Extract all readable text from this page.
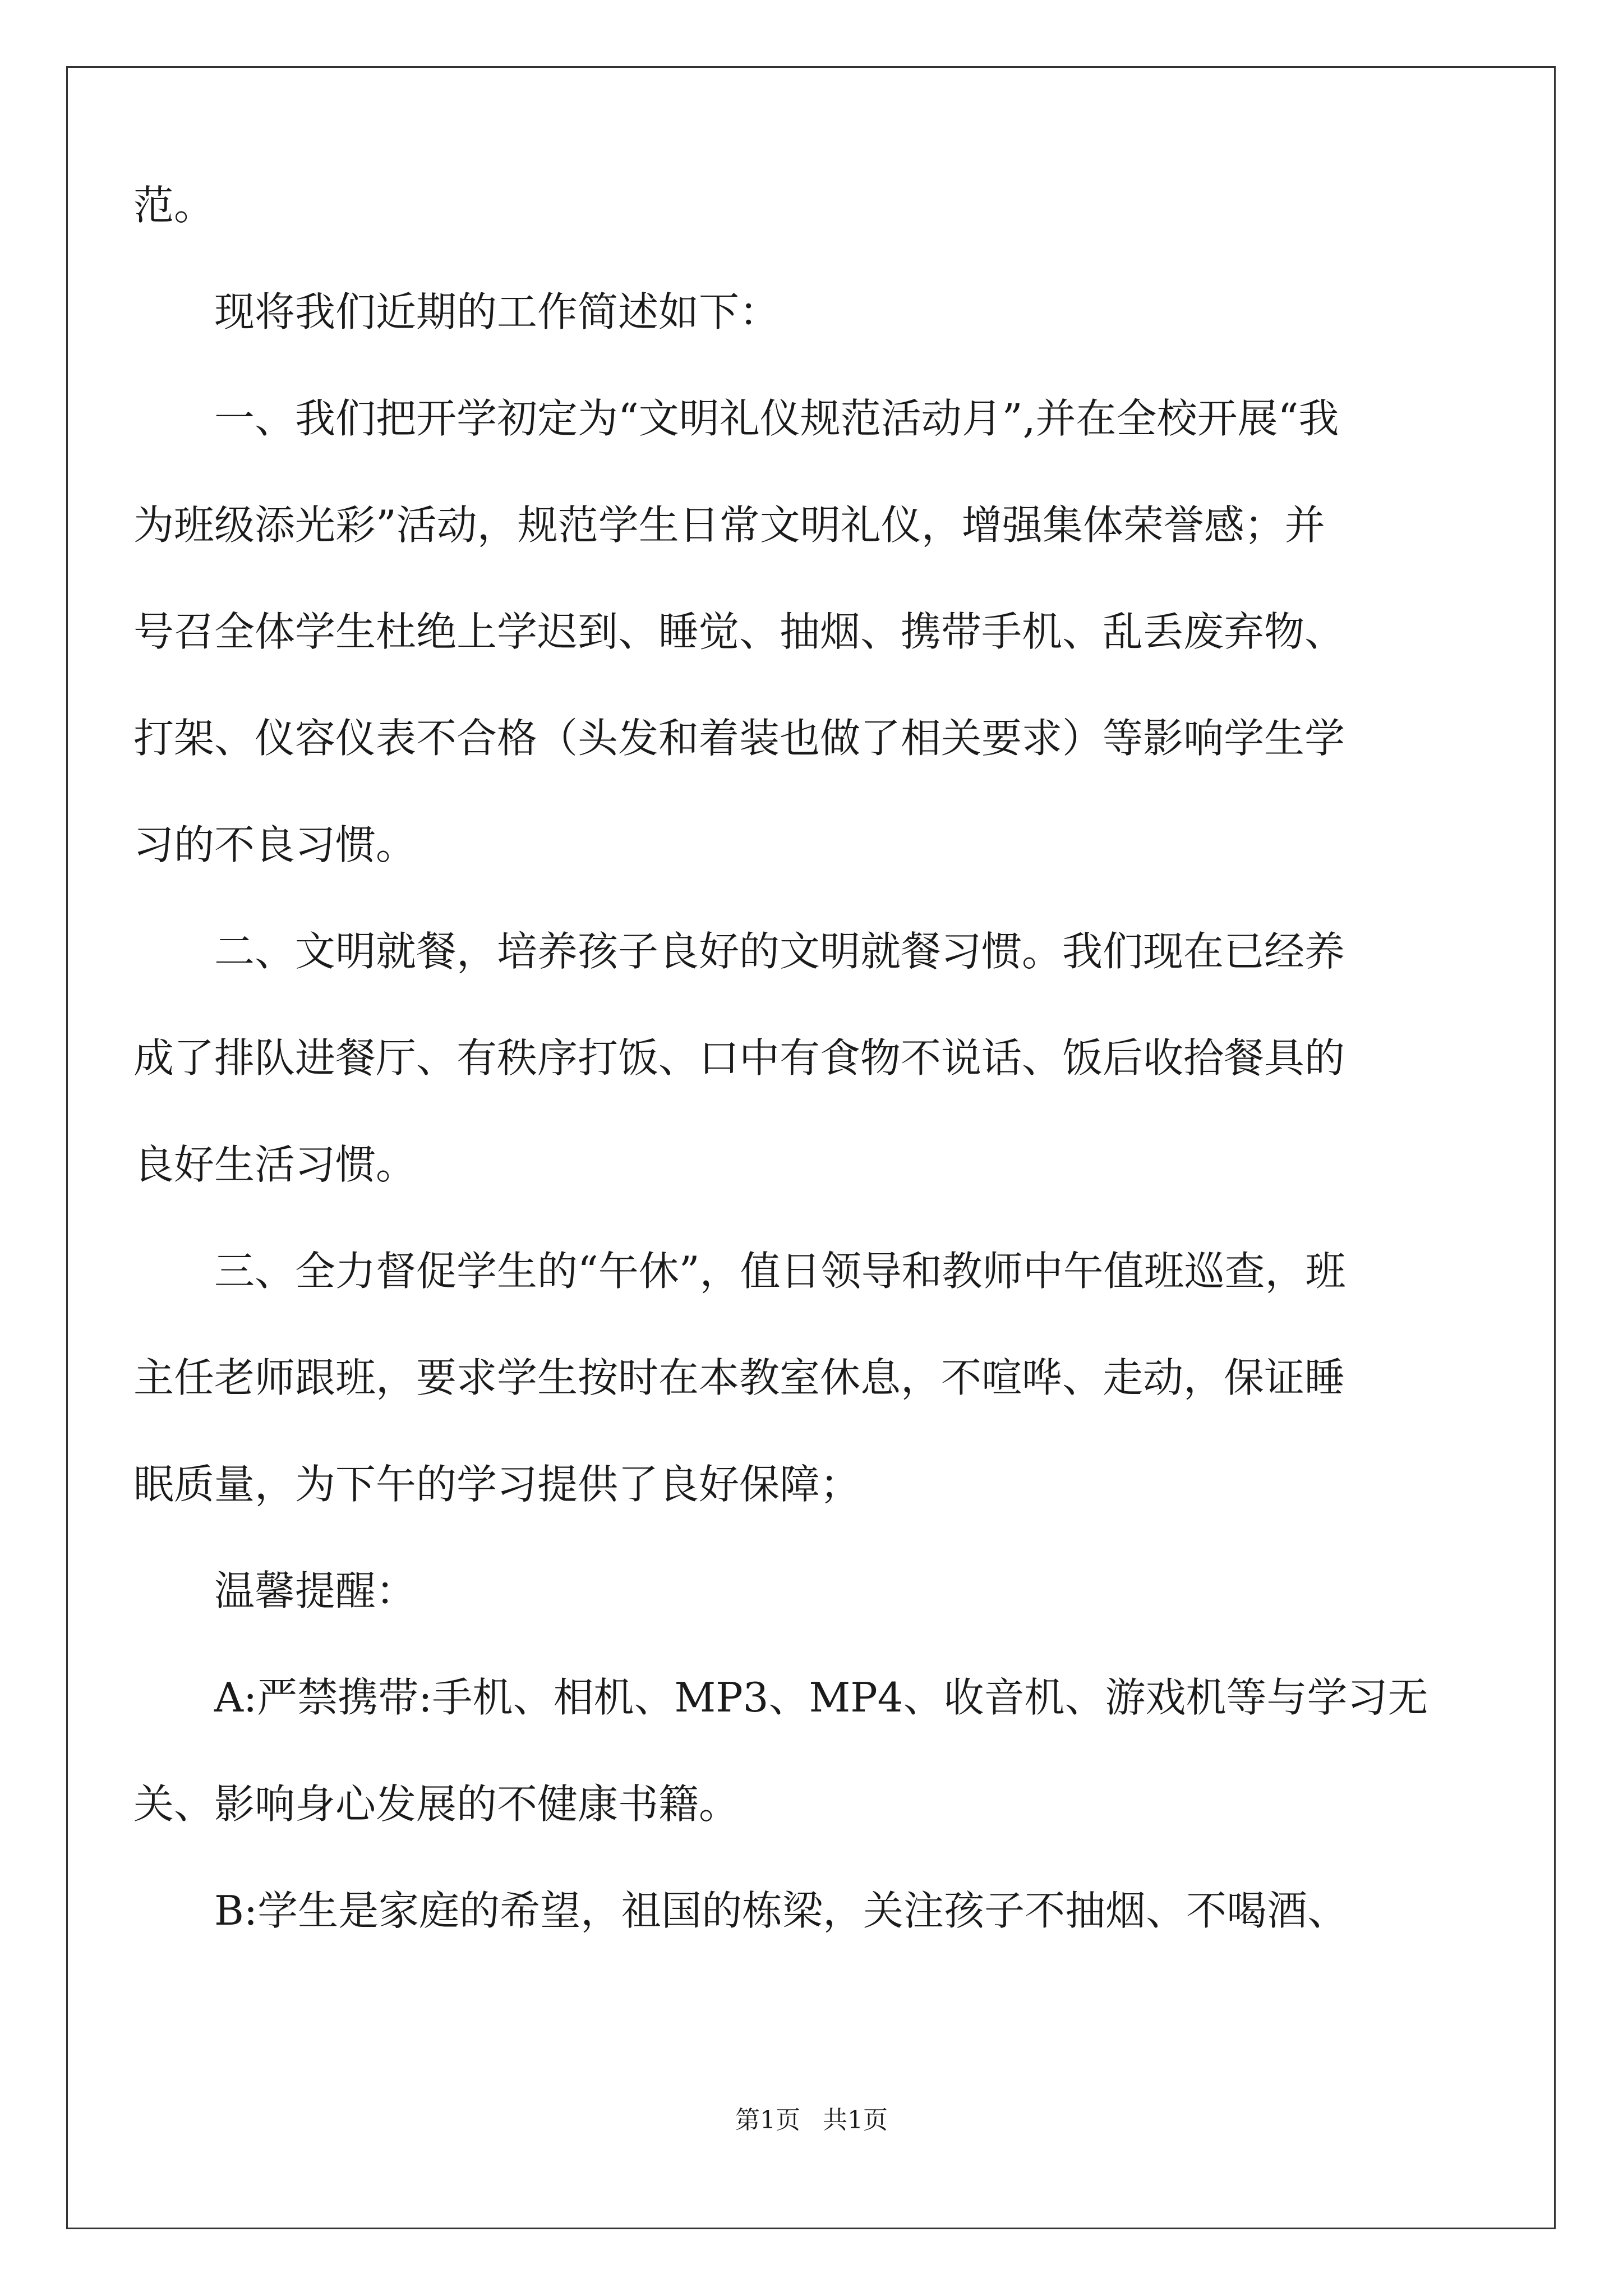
范。
　　现将我们近期的工作简述如下：
　　一、我们把开学初定为“文明礼仪规范活动月”,并在全校开展“我
为班级添光彩”活动，规范学生日常文明礼仪，增强集体荣誉感；并
号召全体学生杜绝上学迟到、睡觉、抽烟、携带手机、乱丢废弃物、
打架、仪容仪表不合格（头发和着装也做了相关要求）等影响学生学
习的不良习惯。
　　二、文明就餐，培养孩子良好的文明就餐习惯。我们现在已经养
成了排队进餐厅、有秩序打饭、口中有食物不说话、饭后收拾餐具的
良好生活习惯。
　　三、全力督促学生的“午休”，值日领导和教师中午值班巡查，班
主任老师跟班，要求学生按时在本教室休息，不喧哗、走动，保证睡
眠质量，为下午的学习提供了良好保障；
　　温馨提醒：
　　A:严禁携带:手机、相机、MP3、MP4、收音机、游戏机等与学习无
关、影响身心发展的不健康书籍。
　　B:学生是家庭的希望，祖国的栋梁，关注孩子不抽烟、不喝酒、
第1页 共1页
